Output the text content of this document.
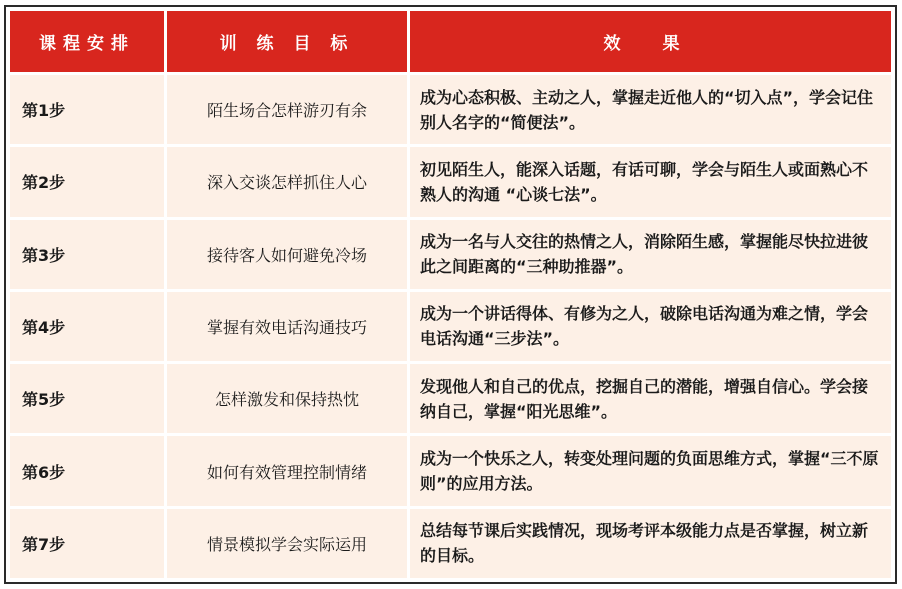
课程安排	训 练 目 标	效 果
第1步	陌生场合怎样游刃有余	成为心态积极、主动之人，掌握走近他人的“切入点”，学会记住别人名字的“简便法”。
第2步	深入交谈怎样抓住人心	初见陌生人，能深入话题，有话可聊，学会与陌生人或面熟心不熟人的沟通 “心谈七法”。
第3步	接待客人如何避免冷场	成为一名与人交往的热情之人，消除陌生感，掌握能尽快拉进彼此之间距离的“三种助推器”。
第4步	掌握有效电话沟通技巧	成为一个讲话得体、有修为之人，破除电话沟通为难之情，学会电话沟通“三步法”。
第5步	怎样激发和保持热忱	发现他人和自己的优点，挖掘自己的潜能，增强自信心。学会接纳自己，掌握“阳光思维”。
第6步	如何有效管理控制情绪	成为一个快乐之人，转变处理问题的负面思维方式，掌握“三不原则”的应用方法。
第7步	情景模拟学会实际运用	总结每节课后实践情况，现场考评本级能力点是否掌握，树立新的目标。
